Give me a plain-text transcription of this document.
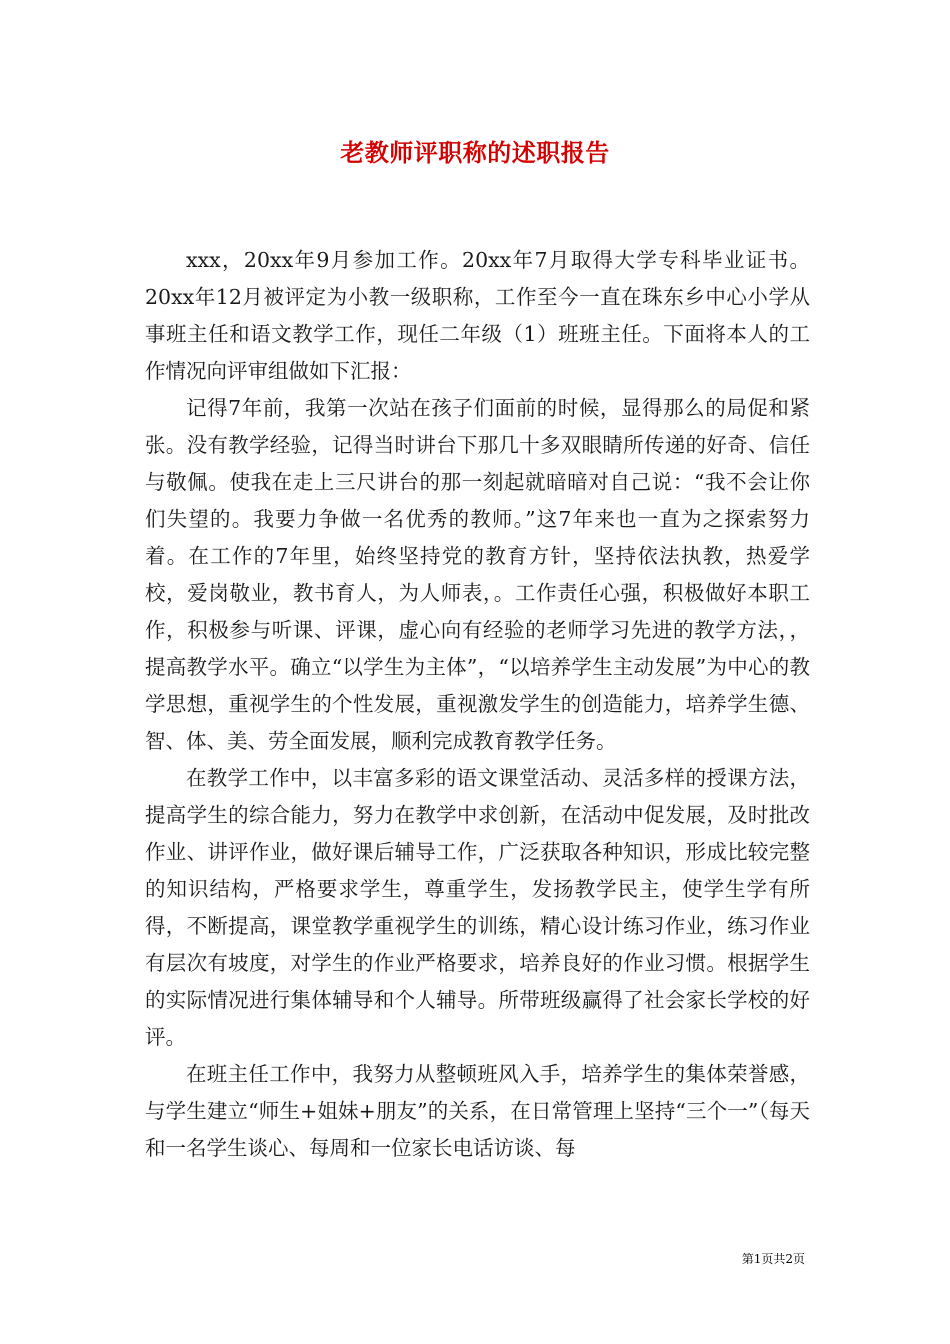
老教师评职称的述职报告

xxx，20xx年9月参加工作。20xx年7月取得大学专科毕业证书。20xx年12月被评定为小教一级职称，工作至今一直在珠东乡中心小学从事班主任和语文教学工作，现任二年级（1）班班主任。下面将本人的工作情况向评审组做如下汇报：

记得7年前，我第一次站在孩子们面前的时候，显得那么的局促和紧张。没有教学经验，记得当时讲台下那几十多双眼睛所传递的好奇、信任与敬佩。使我在走上三尺讲台的那一刻起就暗暗对自己说：“我不会让你们失望的。我要力争做一名优秀的教师。”这7年来也一直为之探索努力着。在工作的7年里，始终坚持党的教育方针，坚持依法执教，热爱学校，爱岗敬业，教书育人，为人师表，。工作责任心强，积极做好本职工作，积极参与听课、评课，虚心向有经验的老师学习先进的教学方法，，提高教学水平。确立“以学生为主体”，“以培养学生主动发展”为中心的教学思想，重视学生的个性发展，重视激发学生的创造能力，培养学生德、智、体、美、劳全面发展，顺利完成教育教学任务。

在教学工作中，以丰富多彩的语文课堂活动、灵活多样的授课方法，提高学生的综合能力，努力在教学中求创新，在活动中促发展，及时批改作业、讲评作业，做好课后辅导工作，广泛获取各种知识，形成比较完整的知识结构，严格要求学生，尊重学生，发扬教学民主，使学生学有所得，不断提高，课堂教学重视学生的训练，精心设计练习作业，练习作业有层次有坡度，对学生的作业严格要求，培养良好的作业习惯。根据学生的实际情况进行集体辅导和个人辅导。所带班级赢得了社会家长学校的好评。

在班主任工作中，我努力从整顿班风入手，培养学生的集体荣誉感，与学生建立“师生+姐妹+朋友”的关系，在日常管理上坚持“三个一”（每天和一名学生谈心、每周和一位家长电话访谈、每

第1页共2页
